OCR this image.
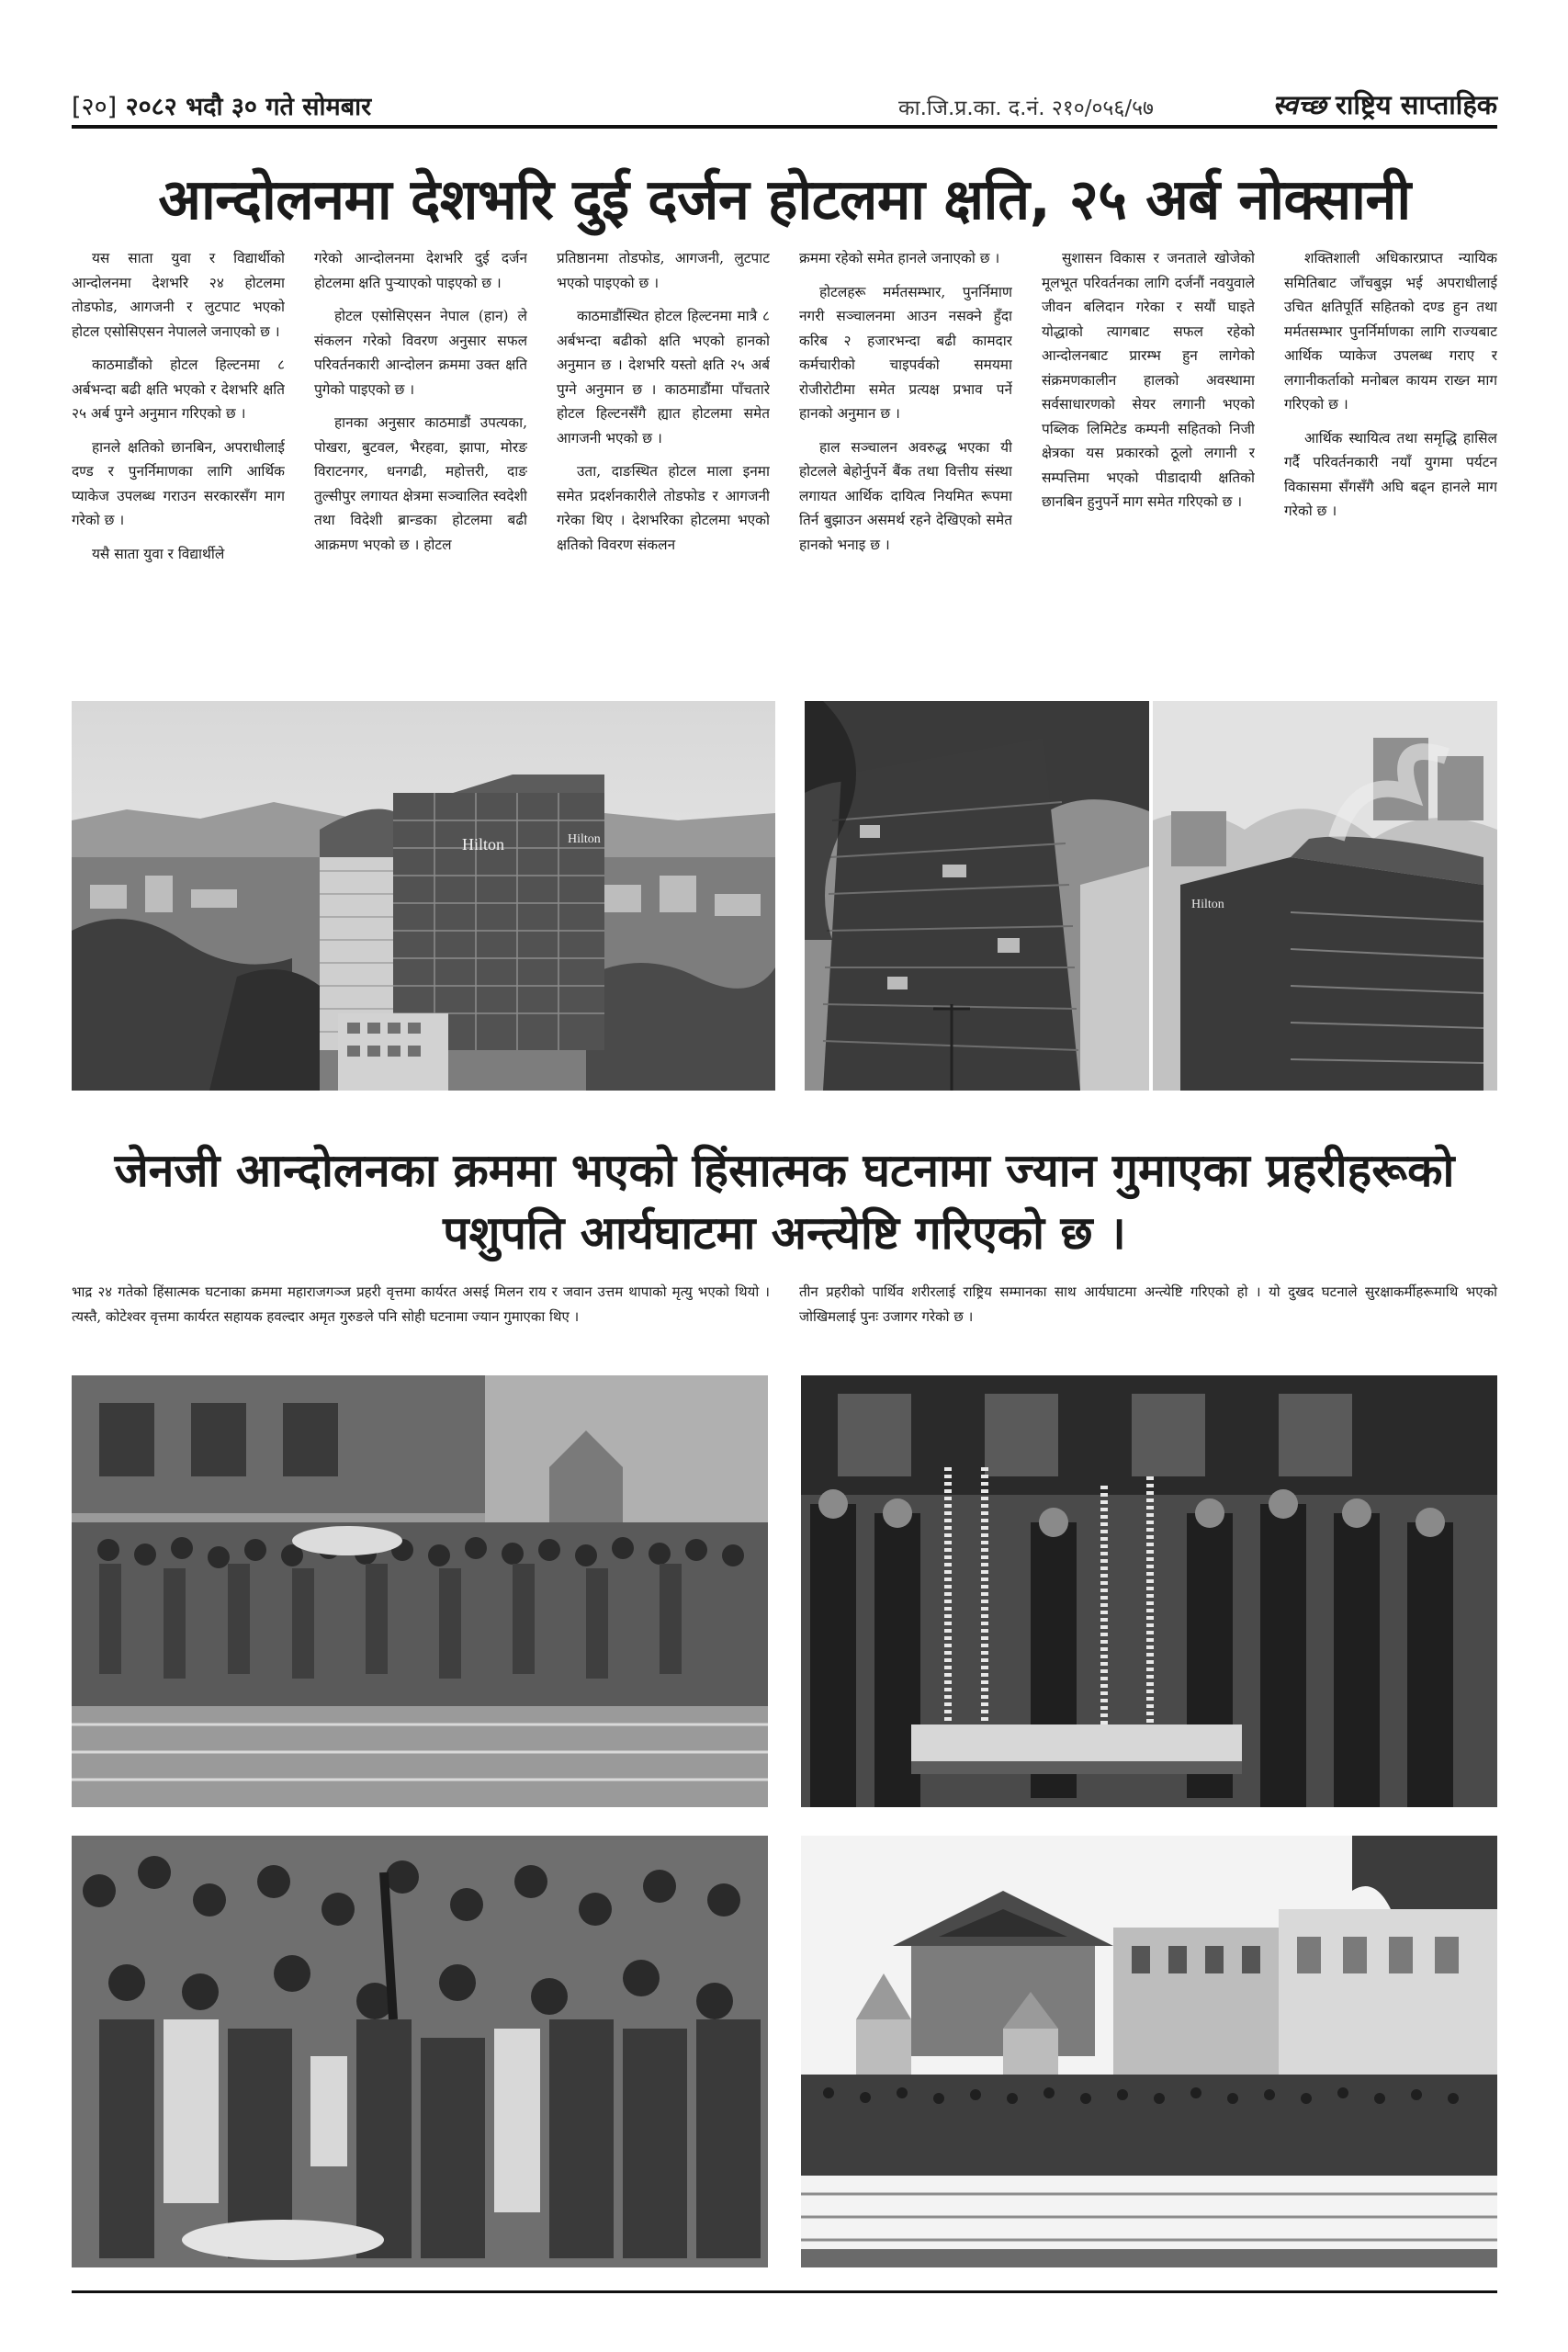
[२०] २०८२ भदौ ३० गते सोमबार	का.जि.प्र.का. द.नं. २१०/०५६/५७	स्वच्छ राष्ट्रिय साप्ताहिक
आन्दोलनमा देशभरि दुई दर्जन होटलमा क्षति, २५ अर्ब नोक्सानी

यस साता युवा र विद्यार्थीको आन्दोलनमा देशभरि २४ होटलमा तोडफोड, आगजनी र लुटपाट भएको होटल एसोसिएसन नेपालले जनाएको छ ।

काठमाडौंको होटल हिल्टनमा ८ अर्बभन्दा बढी क्षति भएको र देशभरि क्षति २५ अर्ब पुग्ने अनुमान गरिएको छ ।

हानले क्षतिको छानबिन, अपराधीलाई दण्ड र पुनर्निमाणका लागि आर्थिक प्याकेज उपलब्ध गराउन सरकारसँग माग गरेको छ ।

यसै साता युवा र विद्यार्थीले

गरेको आन्दोलनमा देशभरि दुई दर्जन होटलमा क्षति पुऱ्याएको पाइएको छ ।

होटल एसोसिएसन नेपाल (हान) ले संकलन गरेको विवरण अनुसार सफल परिवर्तनकारी आन्दोलन क्रममा उक्त क्षति पुगेको पाइएको छ ।

हानका अनुसार काठमाडौं उपत्यका, पोखरा, बुटवल, भैरहवा, झापा, मोरङ विराटनगर, धनगढी, महोत्तरी, दाङ तुल्सीपुर लगायत क्षेत्रमा सञ्चालित स्वदेशी तथा विदेशी ब्रान्डका होटलमा बढी आक्रमण भएको छ । होटल

प्रतिष्ठानमा तोडफोड, आगजनी, लुटपाट भएको पाइएको छ ।

काठमाडौंस्थित होटल हिल्टनमा मात्रै ८ अर्बभन्दा बढीको क्षति भएको हानको अनुमान छ । देशभरि यस्तो क्षति २५ अर्ब पुग्ने अनुमान छ । काठमाडौंमा पाँचतारे होटल हिल्टनसँगै ह्यात होटलमा समेत आगजनी भएको छ ।

उता, दाङस्थित होटल माला इनमा समेत प्रदर्शनकारीले तोडफोड र आगजनी गरेका थिए । देशभरिका होटलमा भएको क्षतिको विवरण संकलन

क्रममा रहेको समेत हानले जनाएको छ ।

होटलहरू मर्मतसम्भार, पुनर्निमाण नगरी सञ्चालनमा आउन नसक्ने हुँदा करिब २ हजारभन्दा बढी कामदार कर्मचारीको चाइपर्वको समयमा रोजीरोटीमा समेत प्रत्यक्ष प्रभाव पर्ने हानको अनुमान छ ।

हाल सञ्चालन अवरुद्ध भएका यी होटलले बेहोर्नुपर्ने बैंक तथा वित्तीय संस्था लगायत आर्थिक दायित्व नियमित रूपमा तिर्न बुझाउन असमर्थ रहने देखिएको समेत हानको भनाइ छ ।

सुशासन विकास र जनताले खोजेको मूलभूत परिवर्तनका लागि दर्जनौं नवयुवाले जीवन बलिदान गरेका र सयौं घाइते योद्धाको त्यागबाट सफल रहेको आन्दोलनबाट प्रारम्भ हुन लागेको संक्रमणकालीन हालको अवस्थामा सर्वसाधारणको सेयर लगानी भएको पब्लिक लिमिटेड कम्पनी सहितको निजी क्षेत्रका यस प्रकारको ठूलो लगानी र सम्पत्तिमा भएको पीडादायी क्षतिको छानबिन हुनुपर्ने माग समेत गरिएको छ ।

शक्तिशाली अधिकारप्राप्त न्यायिक समितिबाट जाँचबुझ भई अपराधीलाई उचित क्षतिपूर्ति सहितको दण्ड हुन तथा मर्मतसम्भार पुनर्निर्माणका लागि राज्यबाट आर्थिक प्याकेज उपलब्ध गराए र लगानीकर्ताको मनोबल कायम राख्न माग गरिएको छ ।

आर्थिक स्थायित्व तथा समृद्धि हासिल गर्दै परिवर्तनकारी नयाँ युगमा पर्यटन विकासमा सँगसँगै अघि बढ्न हानले माग गरेको छ ।

Hilton	Hilton
Hilton
जेनजी आन्दोलनका क्रममा भएको हिंसात्मक घटनामा ज्यान गुमाएका प्रहरीहरूको
पशुपति आर्यघाटमा अन्त्येष्टि गरिएको छ ।
भाद्र २४ गतेको हिंसात्मक घटनाका क्रममा महाराजगञ्ज प्रहरी वृत्तमा कार्यरत असई मिलन राय र जवान उत्तम थापाको मृत्यु भएको थियो । त्यस्तै, कोटेश्वर वृत्तमा कार्यरत सहायक हवल्दार अमृत गुरुङले पनि सोही घटनामा ज्यान गुमाएका थिए ।
तीन प्रहरीको पार्थिव शरीरलाई राष्ट्रिय सम्मानका साथ आर्यघाटमा अन्त्येष्टि गरिएको हो । यो दुखद घटनाले सुरक्षाकर्मीहरूमाथि भएको जोखिमलाई पुनः उजागर गरेको छ ।
